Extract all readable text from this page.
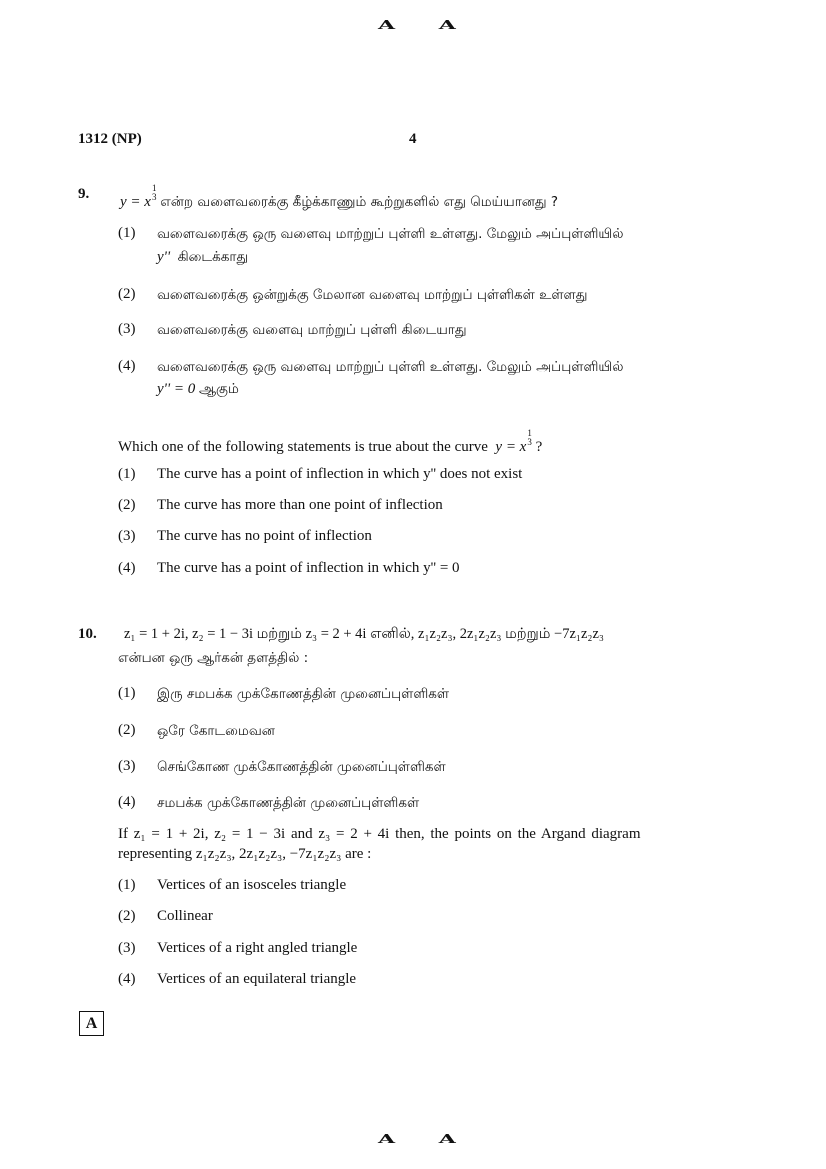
A A
1312 (NP)	4
9. y = x
1
3 என்ற வளைவரைக்கு கீழ்க்காணும் கூற்றுகளில் எது மெய்யானது ?
(1) வளைவரைக்கு ஒரு வளைவு மாற்றுப் புள்ளி உள்ளது. மேலும் அப்புள்ளியில்
y'' கிடைக்காது
(2) வளைவரைக்கு ஒன்றுக்கு மேலான வளைவு மாற்றுப் புள்ளிகள் உள்ளது
(3) வளைவரைக்கு வளைவு மாற்றுப் புள்ளி கிடையாது
(4) வளைவரைக்கு ஒரு வளைவு மாற்றுப் புள்ளி உள்ளது. மேலும் அப்புள்ளியில்
y'' = 0 ஆகும்
Which one of the following statements is true about the curve y = x
1
3 ?
(1) The curve has a point of inflection in which y'' does not exist
(2) The curve has more than one point of inflection
(3) The curve has no point of inflection
(4) The curve has a point of inflection in which y'' = 0
10. z₁ = 1 + 2i, z₂ = 1 − 3i மற்றும் z₃ = 2 + 4i எனில், z₁z₂z₃, 2z₁z₂z₃ மற்றும் −7z₁z₂z₃
என்பன ஒரு ஆர்கன் தளத்தில் :
(1) இரு சமபக்க முக்கோணத்தின் முனைப்புள்ளிகள்
(2) ஒரே கோடமைவன
(3) செங்கோண முக்கோணத்தின் முனைப்புள்ளிகள்
(4) சமபக்க முக்கோணத்தின் முனைப்புள்ளிகள்
If z₁ = 1 + 2i, z₂ = 1 − 3i and z₃ = 2 + 4i then, the points on the Argand diagram
representing z₁z₂z₃, 2z₁z₂z₃, −7z₁z₂z₃ are :
(1) Vertices of an isosceles triangle
(2) Collinear
(3) Vertices of a right angled triangle
(4) Vertices of an equilateral triangle
A
A A
